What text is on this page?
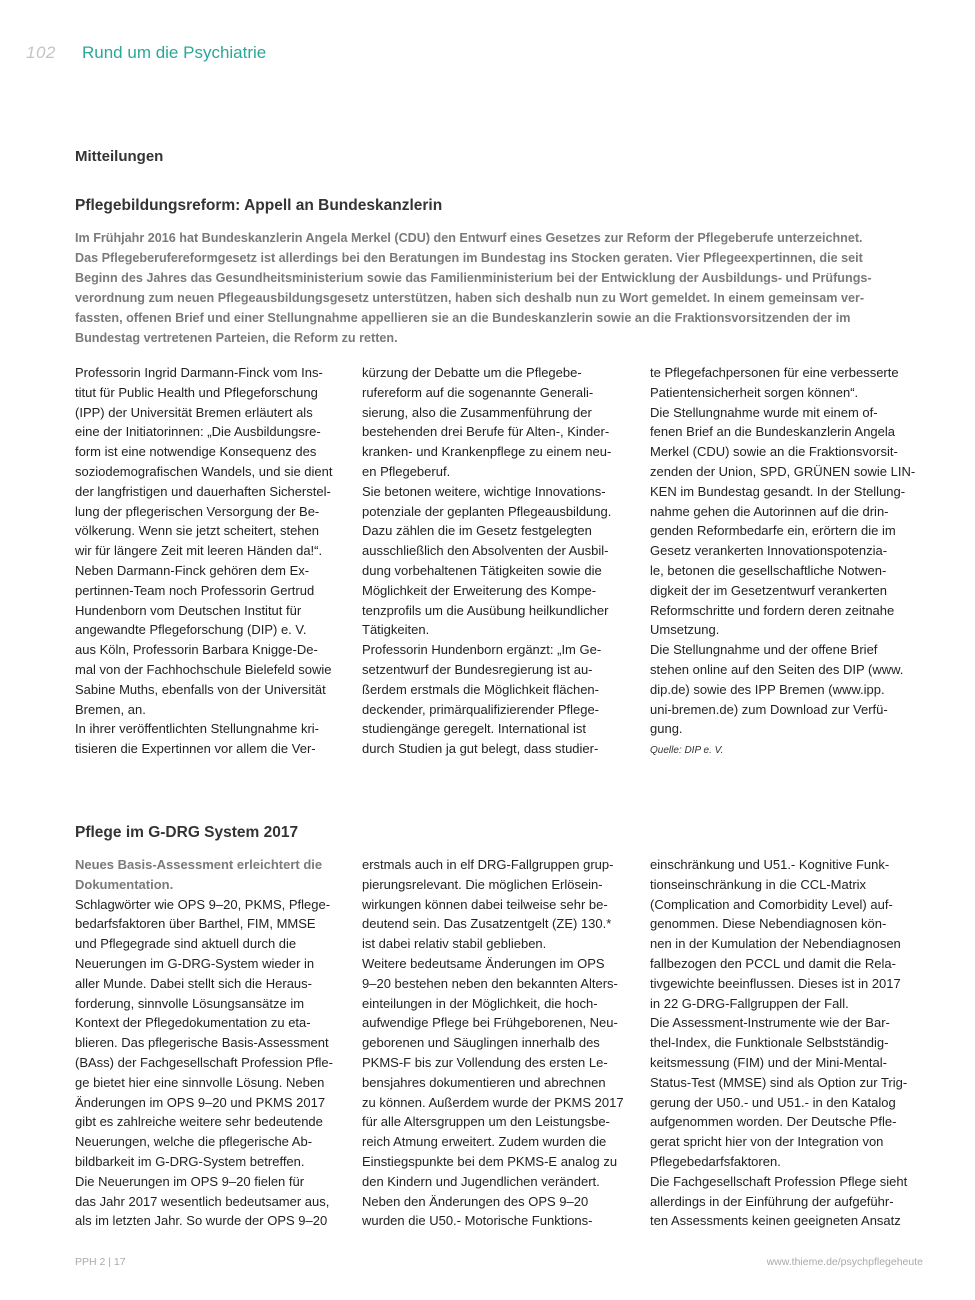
102 Rund um die Psychiatrie
Mitteilungen
Pflegebildungsreform: Appell an Bundeskanzlerin
Im Frühjahr 2016 hat Bundeskanzlerin Angela Merkel (CDU) den Entwurf eines Gesetzes zur Reform der Pflegeberufe unterzeichnet.
Das Pflegeberufereformgesetz ist allerdings bei den Beratungen im Bundestag ins Stocken geraten. Vier Pflegeexpertinnen, die seit
Beginn des Jahres das Gesundheitsministerium sowie das Familienministerium bei der Entwicklung der Ausbildungs- und Prüfungs-
verordnung zum neuen Pflegeausbildungsgesetz unterstützen, haben sich deshalb nun zu Wort gemeldet. In einem gemeinsam ver-
fassten, offenen Brief und einer Stellungnahme appellieren sie an die Bundeskanzlerin sowie an die Fraktionsvorsitzenden der im
Bundestag vertretenen Parteien, die Reform zu retten.
Professorin Ingrid Darmann-Finck vom Ins-
titut für Public Health und Pflegeforschung
(IPP) der Universität Bremen erläutert als
eine der Initiatorinnen: „Die Ausbildungsre-
form ist eine notwendige Konsequenz des
soziodemografischen Wandels, und sie dient
der langfristigen und dauerhaften Sicherstel-
lung der pflegerischen Versorgung der Be-
völkerung. Wenn sie jetzt scheitert, stehen
wir für längere Zeit mit leeren Händen da!“.
Neben Darmann-Finck gehören dem Ex-
pertinnen-Team noch Professorin Gertrud
Hundenborn vom Deutschen Institut für
angewandte Pflegeforschung (DIP) e. V.
aus Köln, Professorin Barbara Knigge-De-
mal von der Fachhochschule Bielefeld sowie
Sabine Muths, ebenfalls von der Universität
Bremen, an.
In ihrer veröffentlichten Stellungnahme kri-
tisieren die Expertinnen vor allem die Ver-
kürzung der Debatte um die Pflegebe-
rufereform auf die sogenannte Generali-
sierung, also die Zusammenführung der
bestehenden drei Berufe für Alten-, Kinder-
kranken- und Krankenpflege zu einem neu-
en Pflegeberuf.
Sie betonen weitere, wichtige Innovations-
potenziale der geplanten Pflegeausbildung.
Dazu zählen die im Gesetz festgelegten
ausschließlich den Absolventen der Ausbil-
dung vorbehaltenen Tätigkeiten sowie die
Möglichkeit der Erweiterung des Kompe-
tenzprofils um die Ausübung heilkundlicher
Tätigkeiten.
Professorin Hundenborn ergänzt: „Im Ge-
setzentwurf der Bundesregierung ist au-
ßerdem erstmals die Möglichkeit flächen-
deckender, primärqualifizierender Pflege-
studiengänge geregelt. International ist
durch Studien ja gut belegt, dass studier-
te Pflegefachpersonen für eine verbesserte
Patientensicherheit sorgen können“.
Die Stellungnahme wurde mit einem of-
fenen Brief an die Bundeskanzlerin Angela
Merkel (CDU) sowie an die Fraktionsvorsit-
zenden der Union, SPD, GRÜNEN sowie LIN-
KEN im Bundestag gesandt. In der Stellung-
nahme gehen die Autorinnen auf die drin-
genden Reformbedarfe ein, erörtern die im
Gesetz verankerten Innovationspotenzia-
le, betonen die gesellschaftliche Notwen-
digkeit der im Gesetzentwurf verankerten
Reformschritte und fordern deren zeitnahe
Umsetzung.
Die Stellungnahme und der offene Brief
stehen online auf den Seiten des DIP (www.
dip.de) sowie des IPP Bremen (www.ipp.
uni-bremen.de) zum Download zur Verfü-
gung.
Quelle: DIP e. V.
Pflege im G-DRG System 2017
Neues Basis-Assessment erleichtert die
Dokumentation.
Schlagwörter wie OPS 9–20, PKMS, Pflege-
bedarfsfaktoren über Barthel, FIM, MMSE
und Pflegegrade sind aktuell durch die
Neuerungen im G-DRG-System wieder in
aller Munde. Dabei stellt sich die Heraus-
forderung, sinnvolle Lösungsansätze im
Kontext der Pflegedokumentation zu eta-
blieren. Das pflegerische Basis-Assessment
(BAss) der Fachgesellschaft Profession Pfle-
ge bietet hier eine sinnvolle Lösung. Neben
Änderungen im OPS 9–20 und PKMS 2017
gibt es zahlreiche weitere sehr bedeutende
Neuerungen, welche die pflegerische Ab-
bildbarkeit im G-DRG-System betreffen.
Die Neuerungen im OPS 9–20 fielen für
das Jahr 2017 wesentlich bedeutsamer aus,
als im letzten Jahr. So wurde der OPS 9–20
erstmals auch in elf DRG-Fallgruppen grup-
pierungsrelevant. Die möglichen Erlösein-
wirkungen können dabei teilweise sehr be-
deutend sein. Das Zusatzentgelt (ZE) 130.*
ist dabei relativ stabil geblieben.
Weitere bedeutsame Änderungen im OPS
9–20 bestehen neben den bekannten Alters-
einteilungen in der Möglichkeit, die hoch-
aufwendige Pflege bei Frühgeborenen, Neu-
geborenen und Säuglingen innerhalb des
PKMS-F bis zur Vollendung des ersten Le-
bensjahres dokumentieren und abrechnen
zu können. Außerdem wurde der PKMS 2017
für alle Altersgruppen um den Leistungsbe-
reich Atmung erweitert. Zudem wurden die
Einstiegspunkte bei dem PKMS-E analog zu
den Kindern und Jugendlichen verändert.
Neben den Änderungen des OPS 9–20
wurden die U50.- Motorische Funktions-
einschränkung und U51.- Kognitive Funk-
tionseinschränkung in die CCL-Matrix
(Complication and Comorbidity Level) auf-
genommen. Diese Nebendiagnosen kön-
nen in der Kumulation der Nebendiagnosen
fallbezogen den PCCL und damit die Rela-
tivgewichte beeinflussen. Dieses ist in 2017
in 22 G-DRG-Fallgruppen der Fall.
Die Assessment-Instrumente wie der Bar-
thel-Index, die Funktionale Selbstständig-
keitsmessung (FIM) und der Mini-Mental-
Status-Test (MMSE) sind als Option zur Trig-
gerung der U50.- und U51.- in den Katalog
aufgenommen worden. Der Deutsche Pfle-
gerat spricht hier von der Integration von
Pflegebedarfsfaktoren.
Die Fachgesellschaft Profession Pflege sieht
allerdings in der Einführung der aufgeführ-
ten Assessments keinen geeigneten Ansatz
PPH 2 | 17	www.thieme.de/psychpflegeheute
